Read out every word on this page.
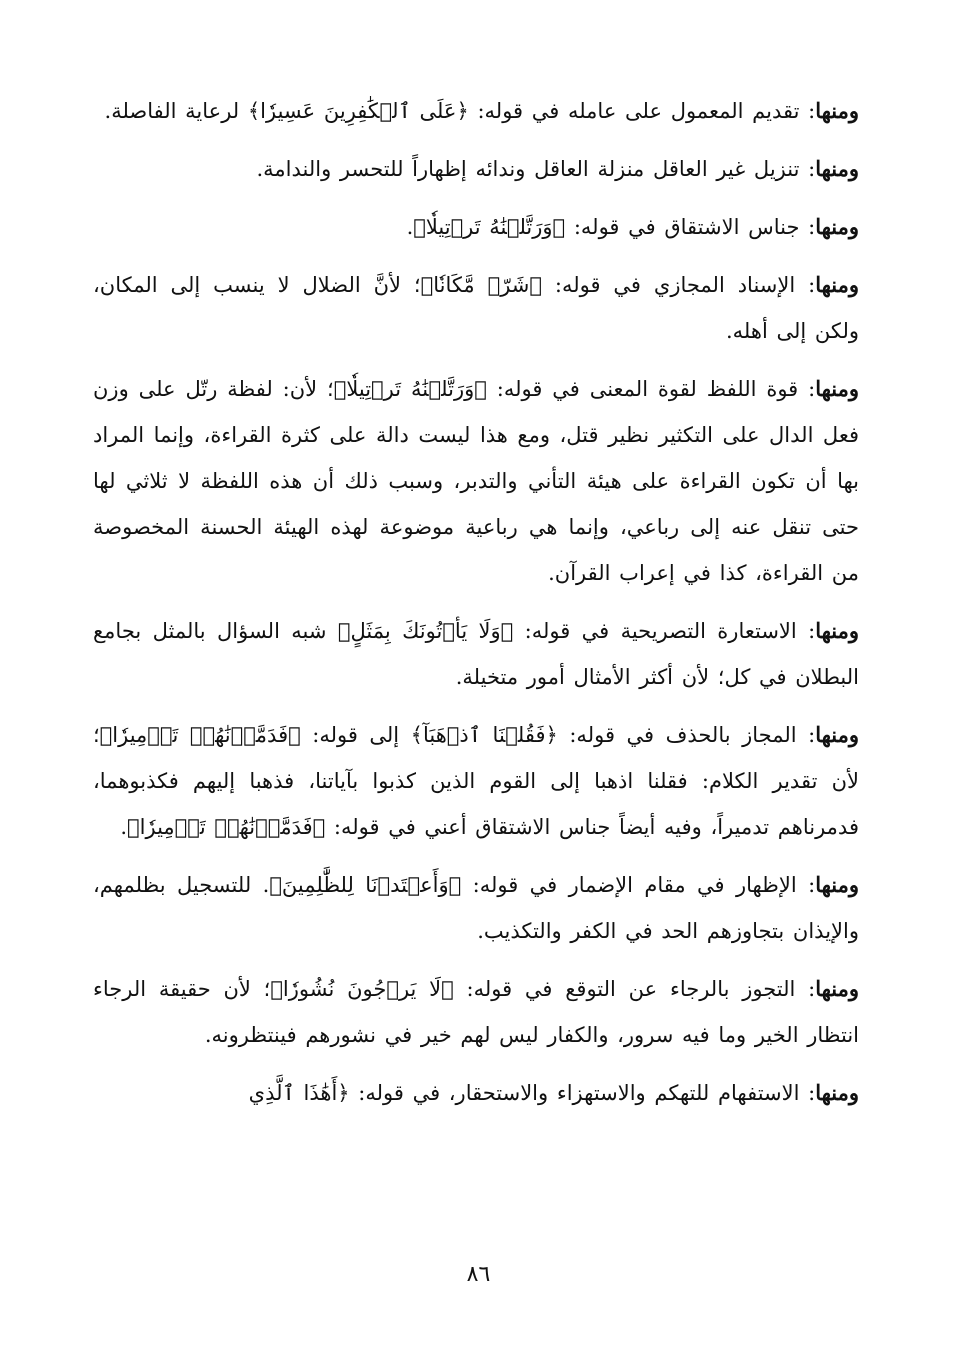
ومنها: تقديم المعمول على عامله في قوله: ﴿عَلَى ٱلۡكَٰفِرِينَ عَسِيرٗا﴾ لرعاية الفاصلة.

ومنها: تنزيل غير العاقل منزلة العاقل وندائه إظهاراً للتحسر والندامة.

ومنها: جناس الاشتقاق في قوله: ﴿وَرَتَّلۡنَٰهُ تَرۡتِيلٗا﴾.

ومنها: الإسناد المجازي في قوله: ﴿شَرّٞ مَّكَانٗا﴾؛ لأنَّ الضلال لا ينسب إلى المكان، ولكن إلى أهله.

ومنها: قوة اللفظ لقوة المعنى في قوله: ﴿وَرَتَّلۡنَٰهُ تَرۡتِيلٗا﴾؛ لأن: لفظة رتّل على وزن فعل الدال على التكثير نظير قتل، ومع هذا ليست دالة على كثرة القراءة، وإنما المراد بها أن تكون القراءة على هيئة التأني والتدبر، وسبب ذلك أن هذه اللفظة لا ثلاثي لها حتى تنقل عنه إلى رباعي، وإنما هي رباعية موضوعة لهذه الهيئة الحسنة المخصوصة من القراءة، كذا في إعراب القرآن.

ومنها: الاستعارة التصريحية في قوله: ﴿وَلَا يَأۡتُونَكَ بِمَثَلٍ﴾ شبه السؤال بالمثل بجامع البطلان في كل؛ لأن أكثر الأمثال أمور متخيلة.

ومنها: المجاز بالحذف في قوله: ﴿فَقُلۡنَا ٱذۡهَبَآ﴾ إلى قوله: ﴿فَدَمَّرۡنَٰهُمۡ تَدۡمِيرٗا﴾؛ لأن تقدير الكلام: فقلنا اذهبا إلى القوم الذين كذبوا بآياتنا، فذهبا إليهم فكذبوهما، فدمرناهم تدميراً، وفيه أيضاً جناس الاشتقاق أعني في قوله: ﴿فَدَمَّرۡنَٰهُمۡ تَدۡمِيرٗا﴾.

ومنها: الإظهار في مقام الإضمار في قوله: ﴿وَأَعۡتَدۡنَا لِلظَّٰلِمِينَ﴾. للتسجيل بظلمهم، والإيذان بتجاوزهم الحد في الكفر والتكذيب.

ومنها: التجوز بالرجاء عن التوقع في قوله: ﴿لَا يَرۡجُونَ نُشُورٗا﴾؛ لأن حقيقة الرجاء انتظار الخير وما فيه سرور، والكفار ليس لهم خير في نشورهم فينتظرونه.

ومنها: الاستفهام للتهكم والاستهزاء والاستحقار، في قوله: ﴿أَهَٰذَا ٱلَّذِي

٨٦
